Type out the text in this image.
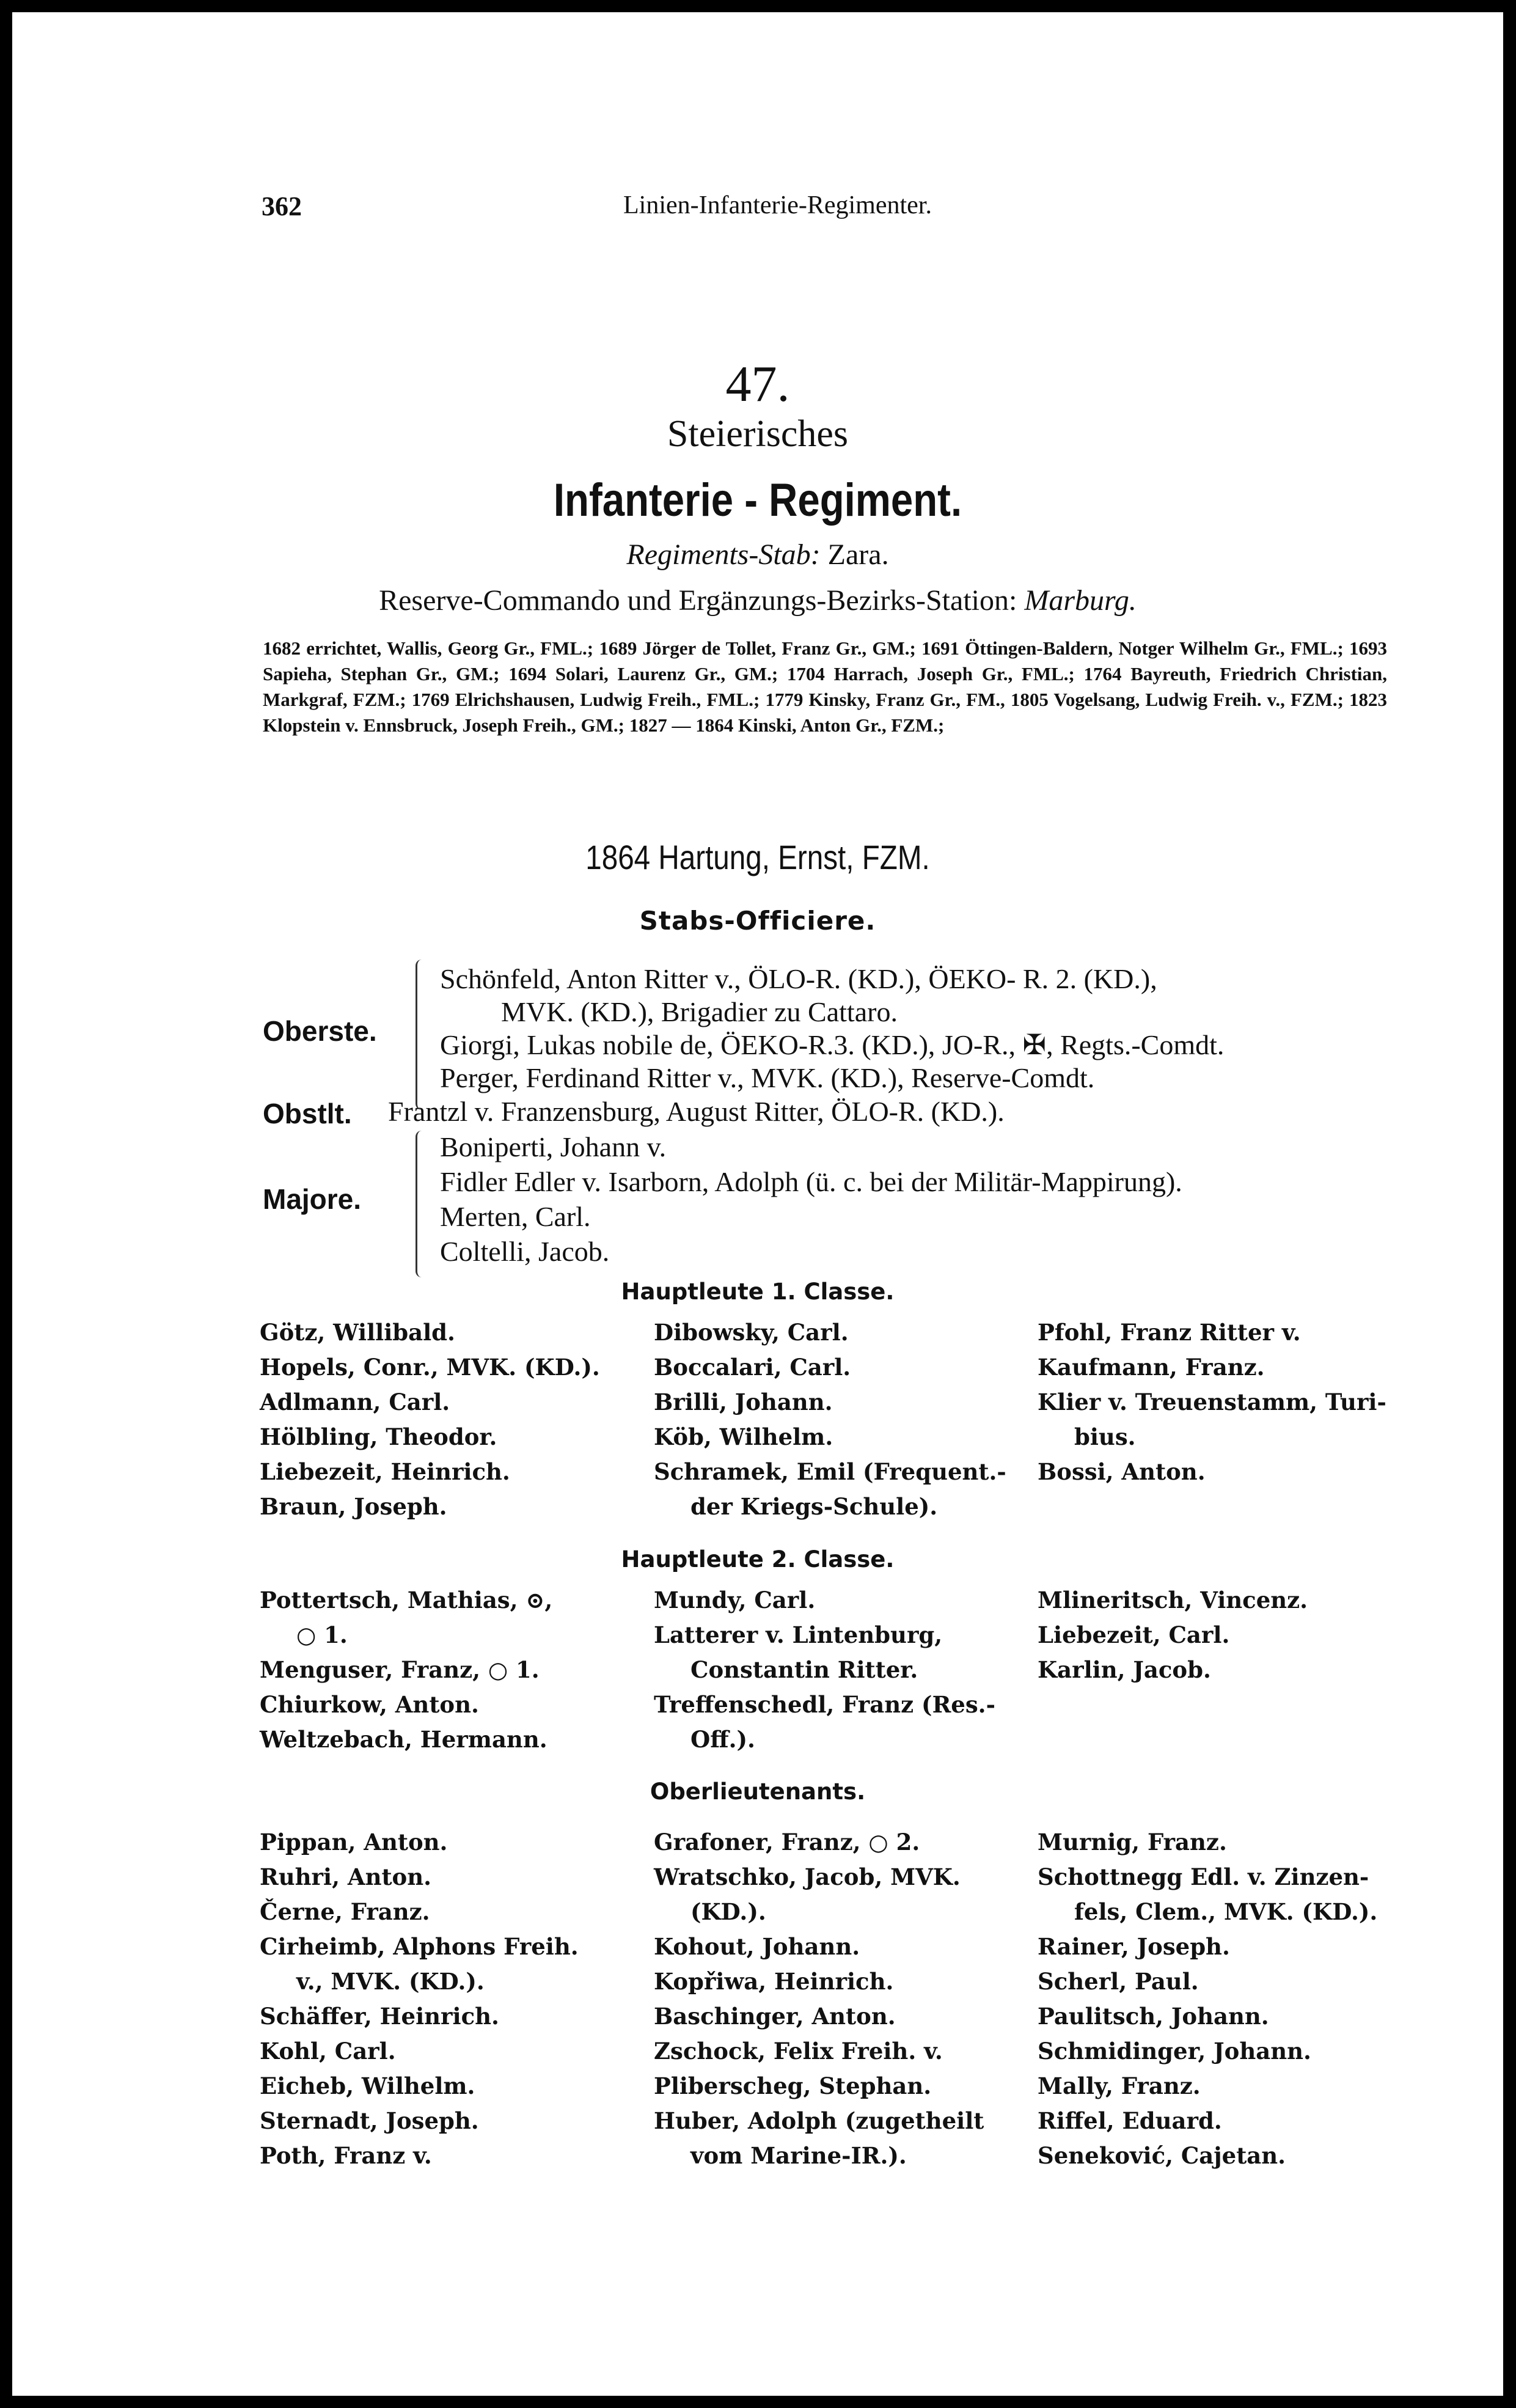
362	Linien-Infanterie-Regimenter.
47.
Steierisches
Infanterie - Regiment.
Regiments-Stab: Zara.
Reserve-Commando und Ergänzungs-Bezirks-Station: Marburg.
1682 errichtet, Wallis, Georg Gr., FML.; 1689 Jörger de Tollet, Franz Gr., GM.; 1691 Öttingen-Baldern, Notger Wilhelm Gr., FML.; 1693 Sapieha, Stephan Gr., GM.; 1694 Solari, Laurenz Gr., GM.; 1704 Harrach, Joseph Gr., FML.; 1764 Bayreuth, Friedrich Christian, Markgraf, FZM.; 1769 Elrichshausen, Ludwig Freih., FML.; 1779 Kinsky, Franz Gr., FM., 1805 Vogelsang, Ludwig Freih. v., FZM.; 1823 Klopstein v. Ennsbruck, Joseph Freih., GM.; 1827 — 1864 Kinski, Anton Gr., FZM.;
1864 Hartung, Ernst, FZM.
Stabs-Officiere.
Oberste.
Schönfeld, Anton Ritter v., ÖLO-R. (KD.), ÖEKO- R. 2. (KD.),
MVK. (KD.), Brigadier zu Cattaro.
Giorgi, Lukas nobile de, ÖEKO-R.3. (KD.), JO-R., ✠, Regts.-Comdt.
Perger, Ferdinand Ritter v., MVK. (KD.), Reserve-Comdt.
Obstlt. Frantzl v. Franzensburg, August Ritter, ÖLO-R. (KD.).
Majore.
Boniperti, Johann v.
Fidler Edler v. Isarborn, Adolph (ü. c. bei der Militär-Mappirung).
Merten, Carl.
Coltelli, Jacob.
Hauptleute 1. Classe.
Götz, Willibald.
Hopels, Conr., MVK. (KD.).
Adlmann, Carl.
Hölbling, Theodor.
Liebezeit, Heinrich.
Braun, Joseph.
Dibowsky, Carl.
Boccalari, Carl.
Brilli, Johann.
Köb, Wilhelm.
Schramek, Emil (Frequent.-
der Kriegs-Schule).
Pfohl, Franz Ritter v.
Kaufmann, Franz.
Klier v. Treuenstamm, Turi-
bius.
Bossi, Anton.
Hauptleute 2. Classe.
Pottertsch, Mathias, ⊙,
○ 1.
Menguser, Franz, ○ 1.
Chiurkow, Anton.
Weltzebach, Hermann.
Mundy, Carl.
Latterer v. Lintenburg,
Constantin Ritter.
Treffenschedl, Franz (Res.-
Off.).
Mlineritsch, Vincenz.
Liebezeit, Carl.
Karlin, Jacob.
Oberlieutenants.
Pippan, Anton.
Ruhri, Anton.
Černe, Franz.
Cirheimb, Alphons Freih.
v., MVK. (KD.).
Schäffer, Heinrich.
Kohl, Carl.
Eicheb, Wilhelm.
Sternadt, Joseph.
Poth, Franz v.
Grafoner, Franz, ○ 2.
Wratschko, Jacob, MVK.
(KD.).
Kohout, Johann.
Kopřiwa, Heinrich.
Baschinger, Anton.
Zschock, Felix Freih. v.
Pliberscheg, Stephan.
Huber, Adolph (zugetheilt
vom Marine-IR.).
Murnig, Franz.
Schottnegg Edl. v. Zinzen-
fels, Clem., MVK. (KD.).
Rainer, Joseph.
Scherl, Paul.
Paulitsch, Johann.
Schmidinger, Johann.
Mally, Franz.
Riffel, Eduard.
Seneković, Cajetan.
